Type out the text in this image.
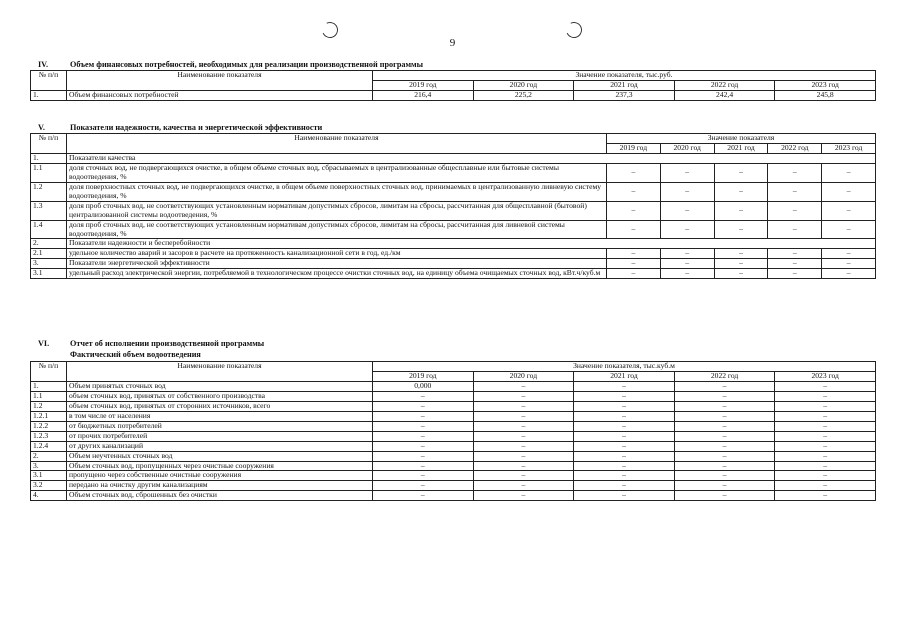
9
IV.	Объем финансовых потребностей, необходимых для реализации производственной программы
№ п/п	Наименование показателя	Значение показателя, тыс.руб.				
		2019 год	2020 год	2021 год	2022 год	2023 год
1.	Объем финансовых потребностей	216,4	225,2	237,3	242,4	245,8
V.	Показатели надежности, качества и энергетической эффективности
№ п/п	Наименование показателя	Значение показателя				
		2019 год	2020 год	2021 год	2022 год	2023 год
1.	Показатели качества					
1.1	доля сточных вод, не подвергающихся очистке, в общем объеме сточных вод, сбрасываемых в централизованные общесплавные или бытовые системы водоотведения, %	–	–	–	–	–
1.2	доля поверхностных сточных вод, не подвергающихся очистке, в общем объеме поверхностных сточных вод, принимаемых в централизованную ливневую систему водоотведения, %	–	–	–	–	–
1.3	доля проб сточных вод, не соответствующих установленным нормативам допустимых сбросов, лимитам на сбросы, рассчитанная для общесплавной (бытовой) централизованной системы водоотведения, %	–	–	–	–	–
1.4	доля проб сточных вод, не соответствующих установленным нормативам допустимых сбросов, лимитам на сбросы, рассчитанная для ливневой системы водоотведения, %	–	–	–	–	–
2.	Показатели надежности и бесперебойности					
2.1	удельное количество аварий и засоров в расчете на протяженность канализационной сети в год, ед./км	–	–	–	–	–
3.	Показатели энергетической эффективности	–	–	–	–	–
3.1	удельный расход электрической энергии, потребляемой в технологическом процессе очистки сточных вод, на единицу объема очищаемых сточных вод, кВт.ч/куб.м	–	–	–	–	–
VI.	Отчет об исполнении производственной программы
Фактический объем водоотведения
№ п/п	Наименование показателя	Значение показателя, тыс.куб.м				
		2019 год	2020 год	2021 год	2022 год	2023 год
1.	Объем принятых сточных вод	0,000	–	–	–	–
1.1	объем сточных вод, принятых от собственного производства	–	–	–	–	–
1.2	объем сточных вод, принятых от сторонних источников, всего	–	–	–	–	–
1.2.1	в том числе от населения	–	–	–	–	–
1.2.2	от бюджетных потребителей	–	–	–	–	–
1.2.3	от прочих потребителей	–	–	–	–	–
1.2.4	от других канализаций	–	–	–	–	–
2.	Объем неучтенных сточных вод	–	–	–	–	–
3.	Объем сточных вод, пропущенных через очистные сооружения	–	–	–	–	–
3.1	пропущено через собственные очистные сооружения	–	–	–	–	–
3.2	передано на очистку другим канализациям	–	–	–	–	–
4.	Объем сточных вод, сброшенных без очистки	–	–	–	–	–
